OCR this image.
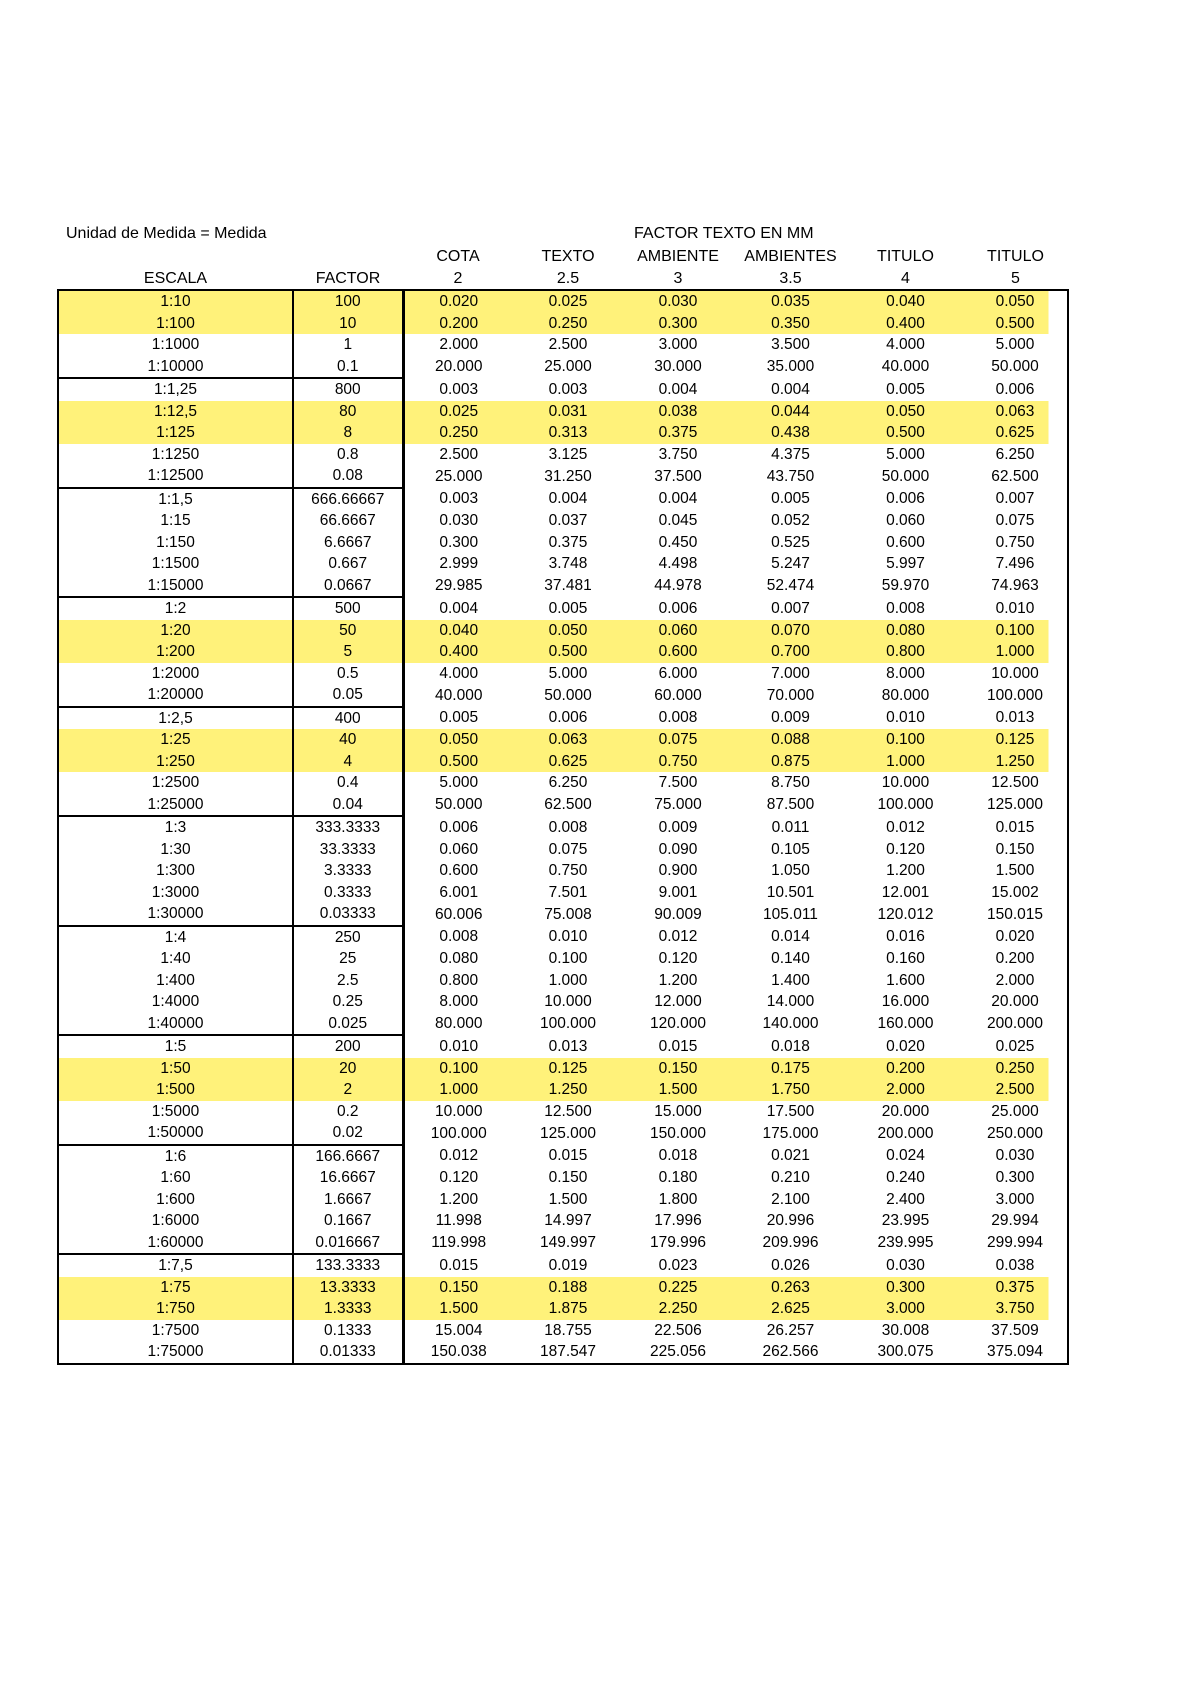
Unidad de Medida = Medida	FACTOR TEXTO EN MM
		COTA	TEXTO	AMBIENTE	AMBIENTES	TITULO	TITULO
ESCALA	FACTOR	2	2.5	3	3.5	4	5
1:10	100	0.020	0.025	0.030	0.035	0.040	0.050
1:100	10	0.200	0.250	0.300	0.350	0.400	0.500
1:1000	1	2.000	2.500	3.000	3.500	4.000	5.000
1:10000	0.1	20.000	25.000	30.000	35.000	40.000	50.000
1:1,25	800	0.003	0.003	0.004	0.004	0.005	0.006
1:12,5	80	0.025	0.031	0.038	0.044	0.050	0.063
1:125	8	0.250	0.313	0.375	0.438	0.500	0.625
1:1250	0.8	2.500	3.125	3.750	4.375	5.000	6.250
1:12500	0.08	25.000	31.250	37.500	43.750	50.000	62.500
1:1,5	666.66667	0.003	0.004	0.004	0.005	0.006	0.007
1:15	66.6667	0.030	0.037	0.045	0.052	0.060	0.075
1:150	6.6667	0.300	0.375	0.450	0.525	0.600	0.750
1:1500	0.667	2.999	3.748	4.498	5.247	5.997	7.496
1:15000	0.0667	29.985	37.481	44.978	52.474	59.970	74.963
1:2	500	0.004	0.005	0.006	0.007	0.008	0.010
1:20	50	0.040	0.050	0.060	0.070	0.080	0.100
1:200	5	0.400	0.500	0.600	0.700	0.800	1.000
1:2000	0.5	4.000	5.000	6.000	7.000	8.000	10.000
1:20000	0.05	40.000	50.000	60.000	70.000	80.000	100.000
1:2,5	400	0.005	0.006	0.008	0.009	0.010	0.013
1:25	40	0.050	0.063	0.075	0.088	0.100	0.125
1:250	4	0.500	0.625	0.750	0.875	1.000	1.250
1:2500	0.4	5.000	6.250	7.500	8.750	10.000	12.500
1:25000	0.04	50.000	62.500	75.000	87.500	100.000	125.000
1:3	333.3333	0.006	0.008	0.009	0.011	0.012	0.015
1:30	33.3333	0.060	0.075	0.090	0.105	0.120	0.150
1:300	3.3333	0.600	0.750	0.900	1.050	1.200	1.500
1:3000	0.3333	6.001	7.501	9.001	10.501	12.001	15.002
1:30000	0.03333	60.006	75.008	90.009	105.011	120.012	150.015
1:4	250	0.008	0.010	0.012	0.014	0.016	0.020
1:40	25	0.080	0.100	0.120	0.140	0.160	0.200
1:400	2.5	0.800	1.000	1.200	1.400	1.600	2.000
1:4000	0.25	8.000	10.000	12.000	14.000	16.000	20.000
1:40000	0.025	80.000	100.000	120.000	140.000	160.000	200.000
1:5	200	0.010	0.013	0.015	0.018	0.020	0.025
1:50	20	0.100	0.125	0.150	0.175	0.200	0.250
1:500	2	1.000	1.250	1.500	1.750	2.000	2.500
1:5000	0.2	10.000	12.500	15.000	17.500	20.000	25.000
1:50000	0.02	100.000	125.000	150.000	175.000	200.000	250.000
1:6	166.6667	0.012	0.015	0.018	0.021	0.024	0.030
1:60	16.6667	0.120	0.150	0.180	0.210	0.240	0.300
1:600	1.6667	1.200	1.500	1.800	2.100	2.400	3.000
1:6000	0.1667	11.998	14.997	17.996	20.996	23.995	29.994
1:60000	0.016667	119.998	149.997	179.996	209.996	239.995	299.994
1:7,5	133.3333	0.015	0.019	0.023	0.026	0.030	0.038
1:75	13.3333	0.150	0.188	0.225	0.263	0.300	0.375
1:750	1.3333	1.500	1.875	2.250	2.625	3.000	3.750
1:7500	0.1333	15.004	18.755	22.506	26.257	30.008	37.509
1:75000	0.01333	150.038	187.547	225.056	262.566	300.075	375.094
